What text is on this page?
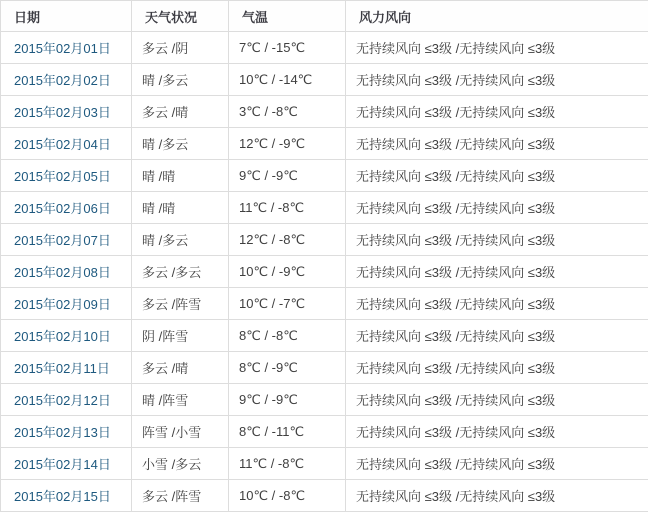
日期	天气状况	气温	风力风向
2015年02月01日	多云 /阴	7℃ / -15℃	无持续风向 ≤3级 /无持续风向 ≤3级
2015年02月02日	晴 /多云	10℃ / -14℃	无持续风向 ≤3级 /无持续风向 ≤3级
2015年02月03日	多云 /晴	3℃ / -8℃	无持续风向 ≤3级 /无持续风向 ≤3级
2015年02月04日	晴 /多云	12℃ / -9℃	无持续风向 ≤3级 /无持续风向 ≤3级
2015年02月05日	晴 /晴	9℃ / -9℃	无持续风向 ≤3级 /无持续风向 ≤3级
2015年02月06日	晴 /晴	11℃ / -8℃	无持续风向 ≤3级 /无持续风向 ≤3级
2015年02月07日	晴 /多云	12℃ / -8℃	无持续风向 ≤3级 /无持续风向 ≤3级
2015年02月08日	多云 /多云	10℃ / -9℃	无持续风向 ≤3级 /无持续风向 ≤3级
2015年02月09日	多云 /阵雪	10℃ / -7℃	无持续风向 ≤3级 /无持续风向 ≤3级
2015年02月10日	阴 /阵雪	8℃ / -8℃	无持续风向 ≤3级 /无持续风向 ≤3级
2015年02月11日	多云 /晴	8℃ / -9℃	无持续风向 ≤3级 /无持续风向 ≤3级
2015年02月12日	晴 /阵雪	9℃ / -9℃	无持续风向 ≤3级 /无持续风向 ≤3级
2015年02月13日	阵雪 /小雪	8℃ / -11℃	无持续风向 ≤3级 /无持续风向 ≤3级
2015年02月14日	小雪 /多云	11℃ / -8℃	无持续风向 ≤3级 /无持续风向 ≤3级
2015年02月15日	多云 /阵雪	10℃ / -8℃	无持续风向 ≤3级 /无持续风向 ≤3级
